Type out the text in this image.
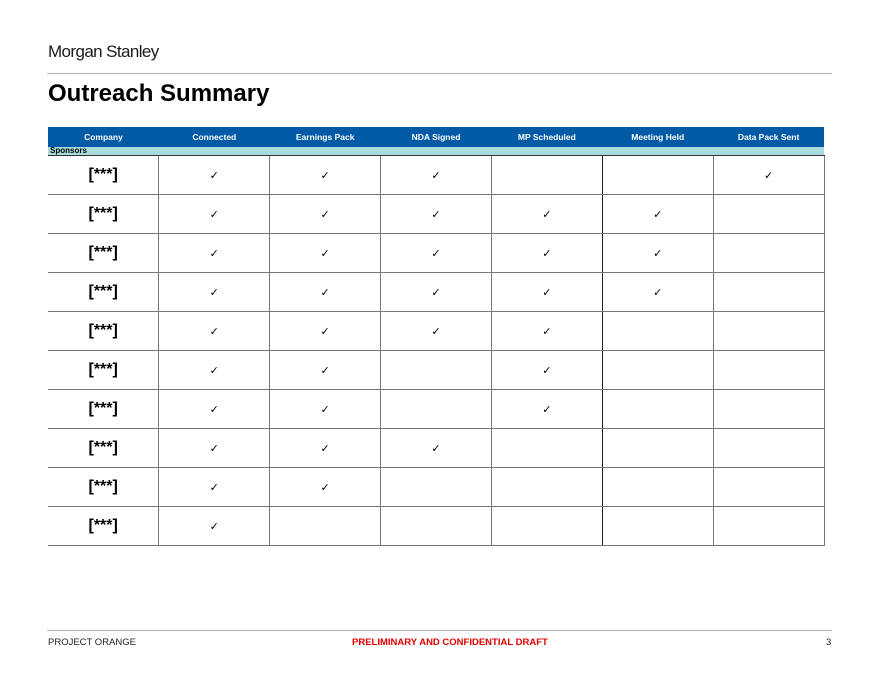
Morgan Stanley
Outreach Summary
Company	Connected	Earnings Pack	NDA Signed	MP Scheduled	Meeting Held	Data Pack Sent
Sponsors						
[***]	✓	✓	✓			✓
[***]	✓	✓	✓	✓	✓	
[***]	✓	✓	✓	✓	✓	
[***]	✓	✓	✓	✓	✓	
[***]	✓	✓	✓	✓		
[***]	✓	✓		✓		
[***]	✓	✓		✓		
[***]	✓	✓	✓			
[***]	✓	✓				
[***]	✓					
PROJECT ORANGE	PRELIMINARY AND CONFIDENTIAL DRAFT	3
